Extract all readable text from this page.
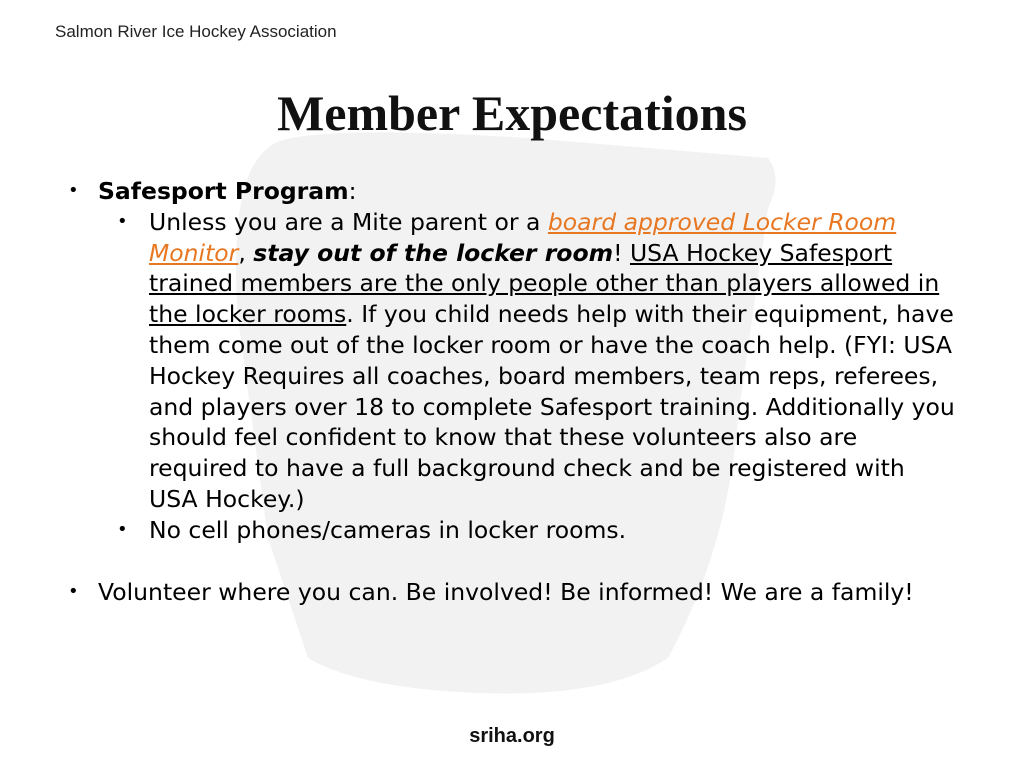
Salmon River Ice Hockey Association
Member Expectations
• Safesport Program:
• Unless you are a Mite parent or a board approved Locker Room Monitor, stay out of the locker room! USA Hockey Safesport trained members are the only people other than players allowed in the locker rooms. If you child needs help with their equipment, have them come out of the locker room or have the coach help. (FYI: USA Hockey Requires all coaches, board members, team reps, referees, and players over 18 to complete Safesport training. Additionally you should feel confident to know that these volunteers also are required to have a full background check and be registered with USA Hockey.)
• No cell phones/cameras in locker rooms.
• Volunteer where you can. Be involved! Be informed! We are a family!
sriha.org
